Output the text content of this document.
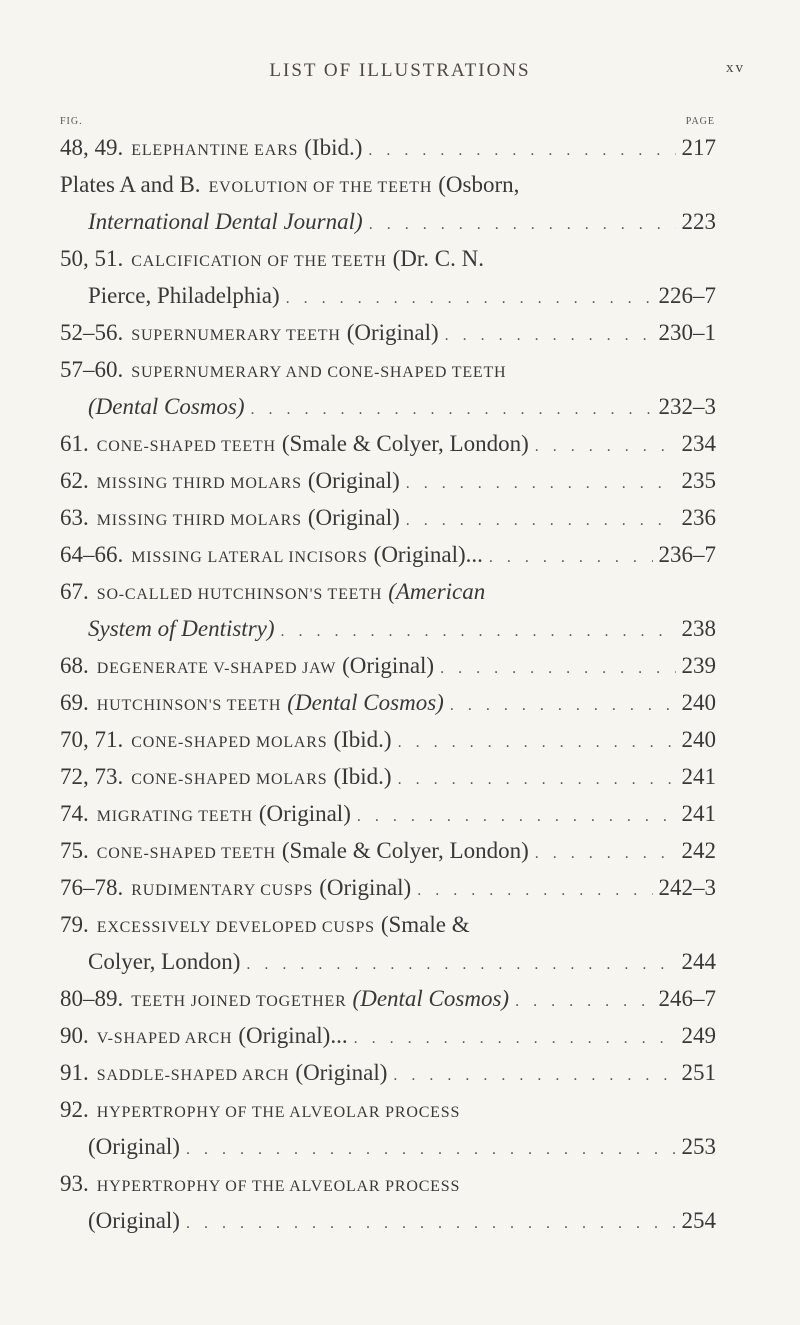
LIST OF ILLUSTRATIONS	xv
FIG.	PAGE
48, 49. ELEPHANTINE EARS (Ibid.) . . .	217
Plates A and B. EVOLUTION OF THE TEETH (Osborn,
International Dental Journal) . . .	223
50, 51. CALCIFICATION OF THE TEETH (Dr. C. N.
Pierce, Philadelphia) . . .	226–7
52–56. SUPERNUMERARY TEETH (Original) . . .	230–1
57–60. SUPERNUMERARY AND CONE-SHAPED TEETH
(Dental Cosmos) . . .	232–3
61. CONE-SHAPED TEETH (Smale & Colyer, London) . . .	234
62. MISSING THIRD MOLARS (Original) . . .	235
63. MISSING THIRD MOLARS (Original) . . .	236
64–66. MISSING LATERAL INCISORS (Original)... . . .	236–7
67. SO-CALLED HUTCHINSON'S TEETH (American
System of Dentistry) . . .	238
68. DEGENERATE V-SHAPED JAW (Original) . . .	239
69. HUTCHINSON'S TEETH (Dental Cosmos) . . .	240
70, 71. CONE-SHAPED MOLARS (Ibid.) . . .	240
72, 73. CONE-SHAPED MOLARS (Ibid.) . . .	241
74. MIGRATING TEETH (Original) . . .	241
75. CONE-SHAPED TEETH (Smale & Colyer, London) . . .	242
76–78. RUDIMENTARY CUSPS (Original) . . .	242–3
79. EXCESSIVELY DEVELOPED CUSPS (Smale &
Colyer, London) . . .	244
80–89. TEETH JOINED TOGETHER (Dental Cosmos) . . .	246–7
90. V-SHAPED ARCH (Original)... . . .	249
91. SADDLE-SHAPED ARCH (Original) . . .	251
92. HYPERTROPHY OF THE ALVEOLAR PROCESS
(Original) . . .	253
93. HYPERTROPHY OF THE ALVEOLAR PROCESS
(Original) . . .	254
